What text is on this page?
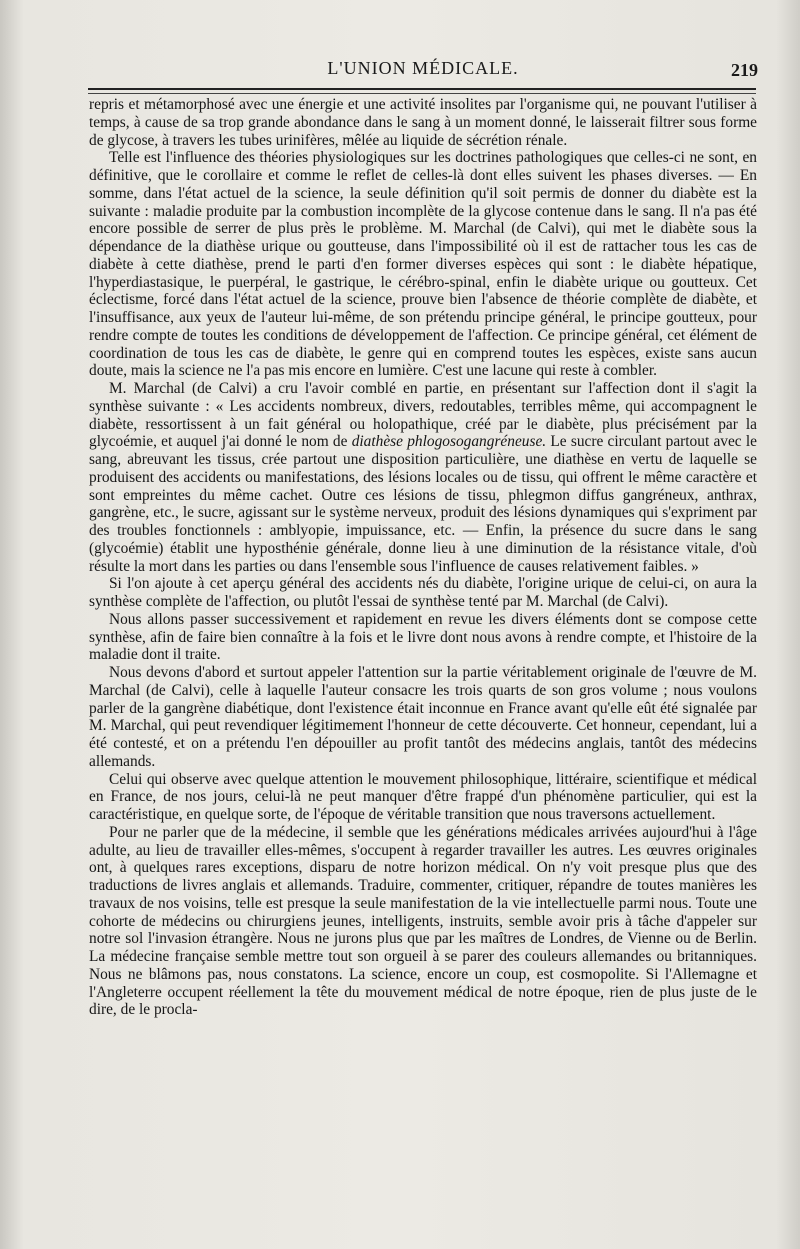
L'UNION MÉDICALE.	219

repris et métamorphosé avec une énergie et une activité insolites par l'organisme qui, ne pouvant l'utiliser à temps, à cause de sa trop grande abondance dans le sang à un moment donné, le laisserait filtrer sous forme de glycose, à travers les tubes urinifères, mêlée au liquide de sécrétion rénale.

Telle est l'influence des théories physiologiques sur les doctrines pathologiques que celles-ci ne sont, en définitive, que le corollaire et comme le reflet de celles-là dont elles suivent les phases diverses. — En somme, dans l'état actuel de la science, la seule définition qu'il soit permis de donner du diabète est la suivante : maladie produite par la combustion incomplète de la glycose contenue dans le sang. Il n'a pas été encore possible de serrer de plus près le problème. M. Marchal (de Calvi), qui met le diabète sous la dépendance de la diathèse urique ou goutteuse, dans l'impossibilité où il est de rattacher tous les cas de diabète à cette diathèse, prend le parti d'en former diverses espèces qui sont : le diabète hépatique, l'hyperdiastasique, le puerpéral, le gastrique, le cérébro-spinal, enfin le diabète urique ou goutteux. Cet éclectisme, forcé dans l'état actuel de la science, prouve bien l'absence de théorie complète de diabète, et l'insuffisance, aux yeux de l'auteur lui-même, de son prétendu principe général, le principe goutteux, pour rendre compte de toutes les conditions de développement de l'affection. Ce principe général, cet élément de coordination de tous les cas de diabète, le genre qui en comprend toutes les espèces, existe sans aucun doute, mais la science ne l'a pas mis encore en lumière. C'est une lacune qui reste à combler.

M. Marchal (de Calvi) a cru l'avoir comblé en partie, en présentant sur l'affection dont il s'agit la synthèse suivante : « Les accidents nombreux, divers, redoutables, terribles même, qui accompagnent le diabète, ressortissent à un fait général ou holopathique, créé par le diabète, plus précisément par la glycoémie, et auquel j'ai donné le nom de diathèse phlogosogangréneuse. Le sucre circulant partout avec le sang, abreuvant les tissus, crée partout une disposition particulière, une diathèse en vertu de laquelle se produisent des accidents ou manifestations, des lésions locales ou de tissu, qui offrent le même caractère et sont empreintes du même cachet. Outre ces lésions de tissu, phlegmon diffus gangréneux, anthrax, gangrène, etc., le sucre, agissant sur le système nerveux, produit des lésions dynamiques qui s'expriment par des troubles fonctionnels : amblyopie, impuissance, etc. — Enfin, la présence du sucre dans le sang (glycoémie) établit une hyposthénie générale, donne lieu à une diminution de la résistance vitale, d'où résulte la mort dans les parties ou dans l'ensemble sous l'influence de causes relativement faibles. »

Si l'on ajoute à cet aperçu général des accidents nés du diabète, l'origine urique de celui-ci, on aura la synthèse complète de l'affection, ou plutôt l'essai de synthèse tenté par M. Marchal (de Calvi).

Nous allons passer successivement et rapidement en revue les divers éléments dont se compose cette synthèse, afin de faire bien connaître à la fois et le livre dont nous avons à rendre compte, et l'histoire de la maladie dont il traite.

Nous devons d'abord et surtout appeler l'attention sur la partie véritablement originale de l'œuvre de M. Marchal (de Calvi), celle à laquelle l'auteur consacre les trois quarts de son gros volume ; nous voulons parler de la gangrène diabétique, dont l'existence était inconnue en France avant qu'elle eût été signalée par M. Marchal, qui peut revendiquer légitimement l'honneur de cette découverte. Cet honneur, cependant, lui a été contesté, et on a prétendu l'en dépouiller au profit tantôt des médecins anglais, tantôt des médecins allemands.

Celui qui observe avec quelque attention le mouvement philosophique, littéraire, scientifique et médical en France, de nos jours, celui-là ne peut manquer d'être frappé d'un phénomène particulier, qui est la caractéristique, en quelque sorte, de l'époque de véritable transition que nous traversons actuellement.

Pour ne parler que de la médecine, il semble que les générations médicales arrivées aujourd'hui à l'âge adulte, au lieu de travailler elles-mêmes, s'occupent à regarder travailler les autres. Les œuvres originales ont, à quelques rares exceptions, disparu de notre horizon médical. On n'y voit presque plus que des traductions de livres anglais et allemands. Traduire, commenter, critiquer, répandre de toutes manières les travaux de nos voisins, telle est presque la seule manifestation de la vie intellectuelle parmi nous. Toute une cohorte de médecins ou chirurgiens jeunes, intelligents, instruits, semble avoir pris à tâche d'appeler sur notre sol l'invasion étrangère. Nous ne jurons plus que par les maîtres de Londres, de Vienne ou de Berlin. La médecine française semble mettre tout son orgueil à se parer des couleurs allemandes ou britanniques. Nous ne blâmons pas, nous constatons. La science, encore un coup, est cosmopolite. Si l'Allemagne et l'Angleterre occupent réellement la tête du mouvement médical de notre époque, rien de plus juste de le dire, de le procla-
